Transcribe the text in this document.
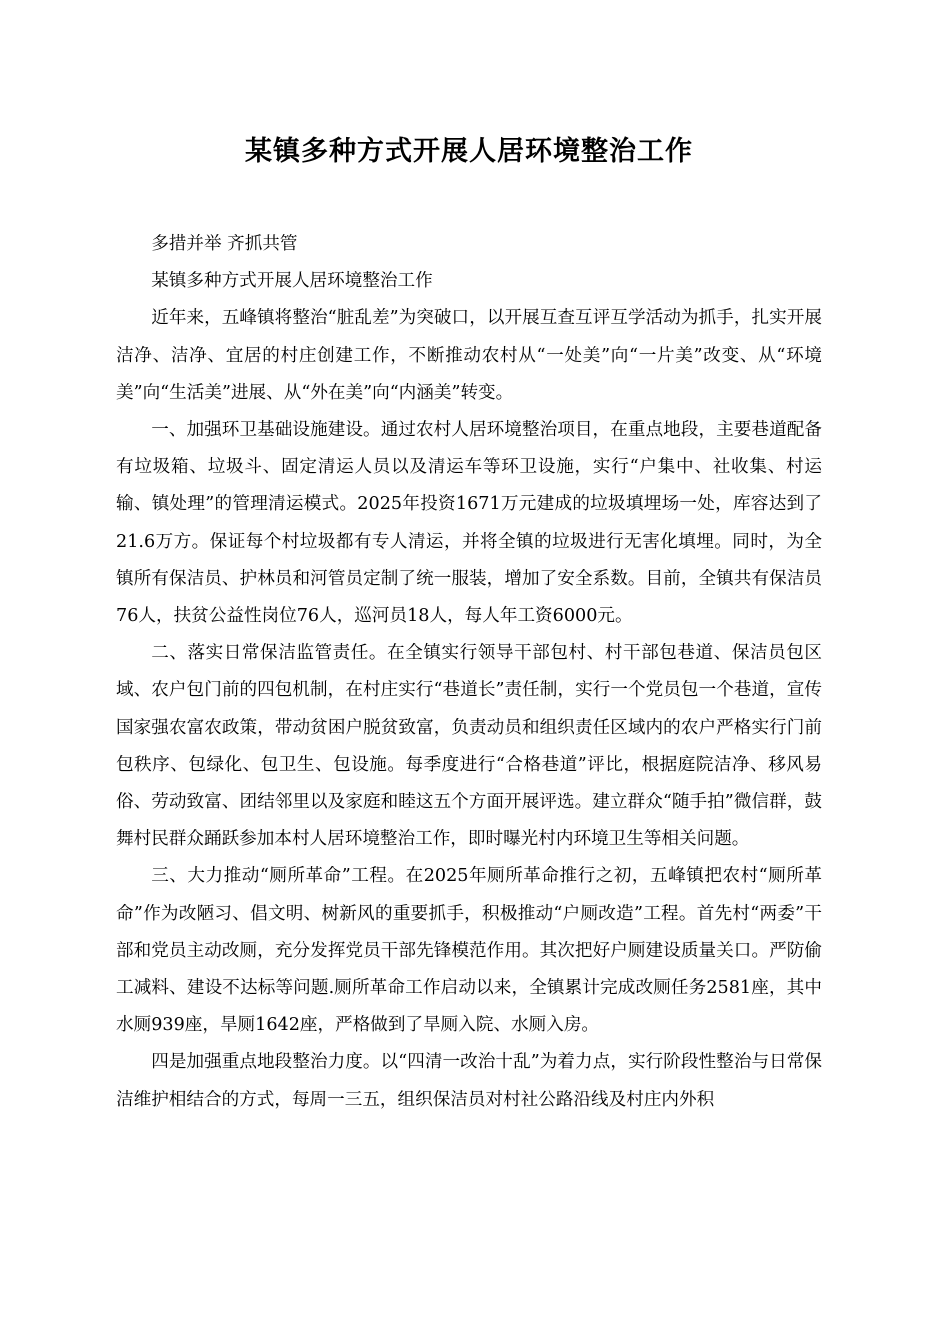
某镇多种方式开展人居环境整治工作

多措并举 齐抓共管

某镇多种方式开展人居环境整治工作

近年来，五峰镇将整治“脏乱差”为突破口，以开展互查互评互学活动为抓手，扎实开展洁净、洁净、宜居的村庄创建工作，不断推动农村从“一处美”向“一片美”改变、从“环境美”向“生活美”进展、从“外在美”向“内涵美”转变。

一、加强环卫基础设施建设。通过农村人居环境整治项目，在重点地段，主要巷道配备有垃圾箱、垃圾斗、固定清运人员以及清运车等环卫设施，实行“户集中、社收集、村运输、镇处理”的管理清运模式。2025年投资1671万元建成的垃圾填埋场一处，库容达到了21.6万方。保证每个村垃圾都有专人清运，并将全镇的垃圾进行无害化填埋。同时，为全镇所有保洁员、护林员和河管员定制了统一服装，增加了安全系数。目前，全镇共有保洁员76人，扶贫公益性岗位76人，巡河员18人，每人年工资6000元。

二、落实日常保洁监管责任。在全镇实行领导干部包村、村干部包巷道、保洁员包区域、农户包门前的四包机制，在村庄实行“巷道长”责任制，实行一个党员包一个巷道，宣传国家强农富农政策，带动贫困户脱贫致富，负责动员和组织责任区域内的农户严格实行门前包秩序、包绿化、包卫生、包设施。每季度进行“合格巷道”评比，根据庭院洁净、移风易俗、劳动致富、团结邻里以及家庭和睦这五个方面开展评选。建立群众“随手拍”微信群，鼓舞村民群众踊跃参加本村人居环境整治工作，即时曝光村内环境卫生等相关问题。

三、大力推动“厕所革命”工程。在2025年厕所革命推行之初，五峰镇把农村“厕所革命”作为改陋习、倡文明、树新风的重要抓手，积极推动“户厕改造”工程。首先村“两委”干部和党员主动改厕，充分发挥党员干部先锋模范作用。其次把好户厕建设质量关口。严防偷工减料、建设不达标等问题.厕所革命工作启动以来，全镇累计完成改厕任务2581座，其中水厕939座，旱厕1642座，严格做到了旱厕入院、水厕入房。

四是加强重点地段整治力度。以“四清一改治十乱”为着力点，实行阶段性整治与日常保洁维护相结合的方式，每周一三五，组织保洁员对村社公路沿线及村庄内外积
